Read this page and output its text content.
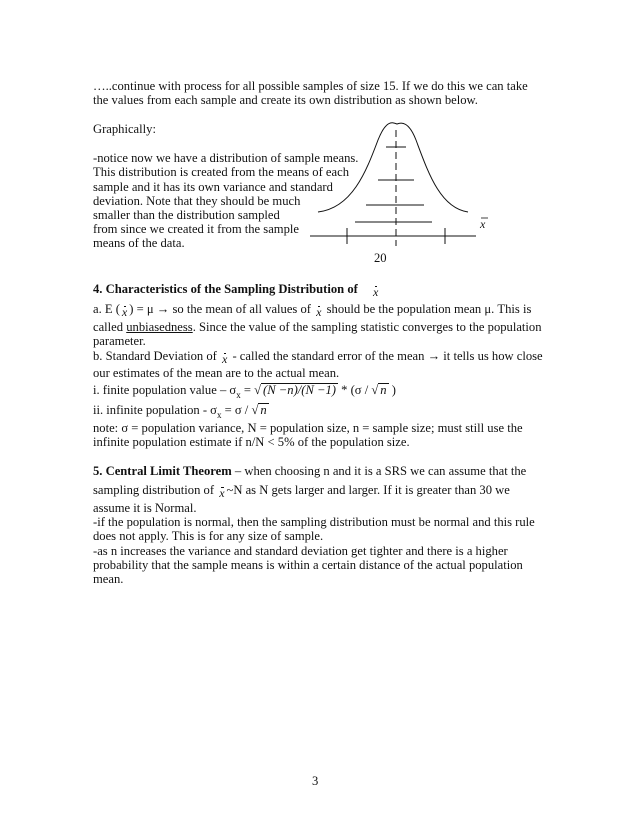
…..continue with process for all possible samples of size 15. If we do this we can take
the values from each sample and create its own distribution as shown below.
Graphically:
-notice now we have a distribution of sample means.
This distribution is created from the means of each
sample and it has its own variance and standard
deviation. Note that they should be much
smaller than the distribution sampled
from since we created it from the sample
means of the data.
x
20
4. Characteristics of the Sampling Distribution of x
a. E ( x ) = μ → so the mean of all values of x should be the population mean μ. This is
called unbiasedness. Since the value of the sampling statistic converges to the population
parameter.
b. Standard Deviation of x - called the standard error of the mean → it tells us how close
our estimates of the mean are to the actual mean.
i. finite population value – $\sigma_x$ = √ (N −n)/(N −1) * (σ / √ n )
ii. infinite population - $\sigma_x = \sigma$ / √ n
note: σ = population variance, N = population size, n = sample size; must still use the
infinite population estimate if n/N < 5% of the population size.
5. Central Limit Theorem – when choosing n and it is a SRS we can assume that the
sampling distribution of x ~N as N gets larger and larger. If it is greater than 30 we
assume it is Normal.
-if the population is normal, then the sampling distribution must be normal and this rule
does not apply. This is for any size of sample.
-as n increases the variance and standard deviation get tighter and there is a higher
probability that the sample means is within a certain distance of the actual population
mean.
3
